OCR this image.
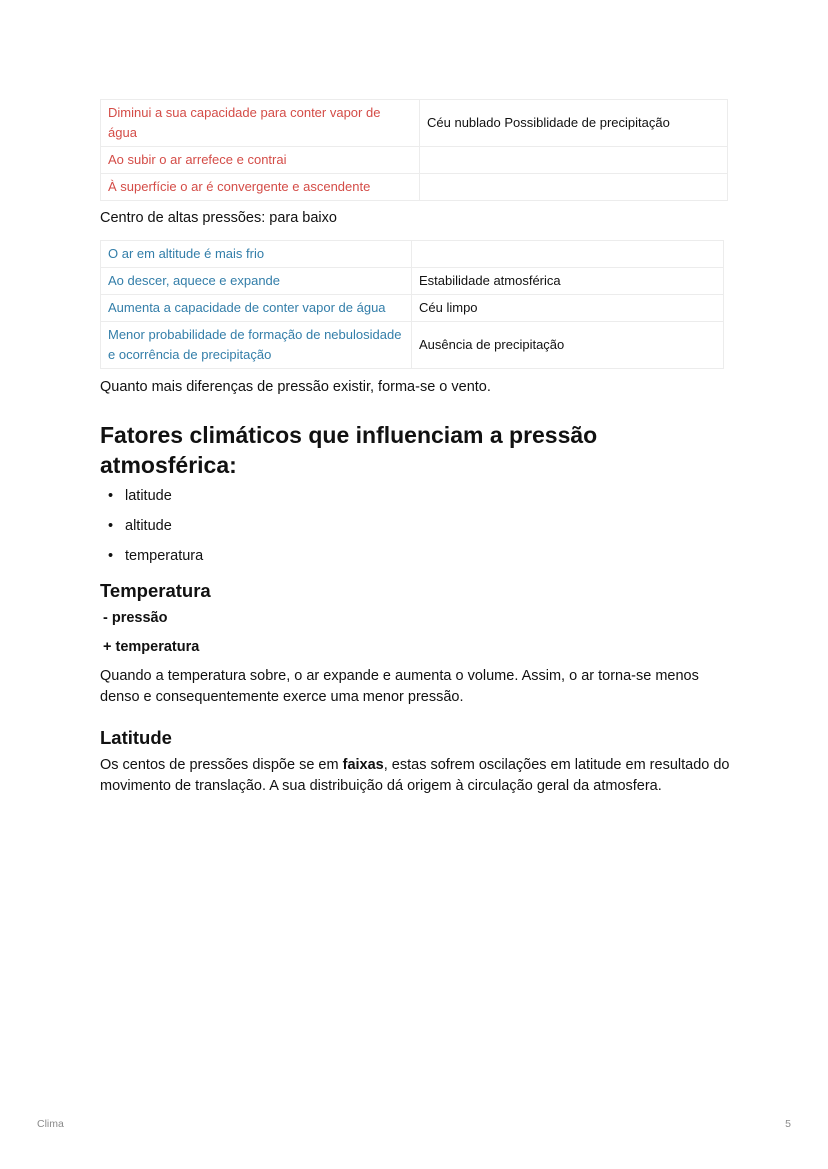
Diminui a sua capacidade para conter vapor de água	Céu nublado Possiblidade de precipitação
Ao subir o ar arrefece e contrai	
À superfície o ar é convergente e ascendente	

Centro de altas pressões: para baixo

O ar em altitude é mais frio	
Ao descer, aquece e expande	Estabilidade atmosférica
Aumenta a capacidade de conter vapor de água	Céu limpo
Menor probabilidade de formação de nebulosidade e ocorrência de precipitação	Ausência de precipitação

Quanto mais diferenças de pressão existir, forma-se o vento.

Fatores climáticos que influenciam a pressão atmosférica:
• latitude
• altitude
• temperatura
Temperatura
- pressão
+ temperatura

Quando a temperatura sobre, o ar expande e aumenta o volume. Assim, o ar torna-se menos denso e consequentemente exerce uma menor pressão.

Latitude

Os centos de pressões dispõe se em faixas, estas sofrem oscilações em latitude em resultado do movimento de translação. A sua distribuição dá origem à circulação geral da atmosfera.

Clima	5
